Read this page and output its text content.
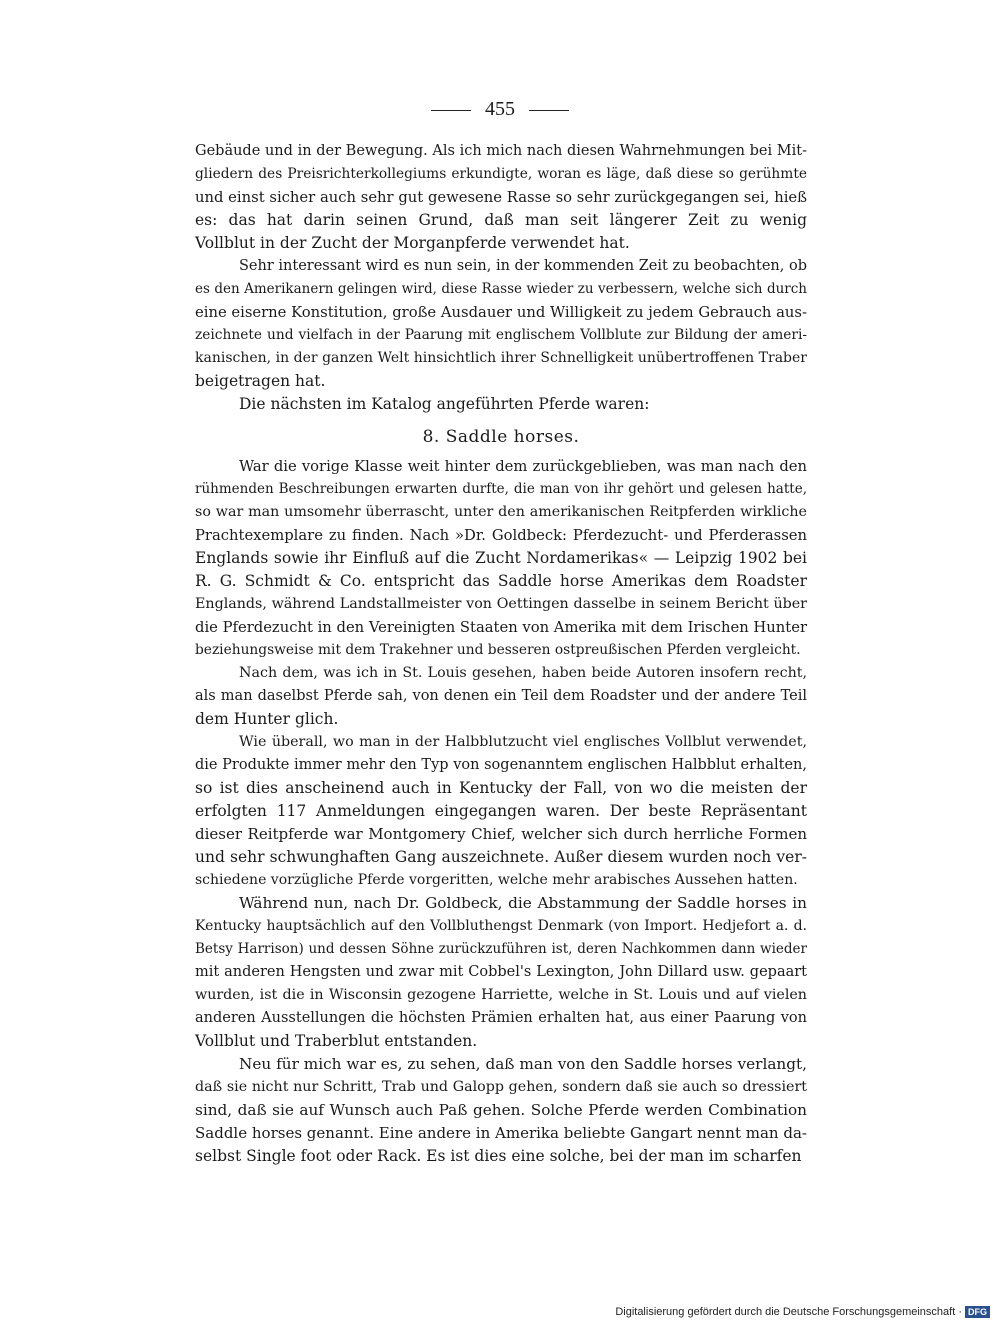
455
Gebäude und in der Bewegung. Als ich mich nach diesen Wahrnehmungen bei Mit-
gliedern des Preisrichterkollegiums erkundigte, woran es läge, daß diese so gerühmte
und einst sicher auch sehr gut gewesene Rasse so sehr zurückgegangen sei, hieß
es: das hat darin seinen Grund, daß man seit längerer Zeit zu wenig
Vollblut in der Zucht der Morganpferde verwendet hat.
Sehr interessant wird es nun sein, in der kommenden Zeit zu beobachten, ob
es den Amerikanern gelingen wird, diese Rasse wieder zu verbessern, welche sich durch
eine eiserne Konstitution, große Ausdauer und Willigkeit zu jedem Gebrauch aus-
zeichnete und vielfach in der Paarung mit englischem Vollblute zur Bildung der ameri-
kanischen, in der ganzen Welt hinsichtlich ihrer Schnelligkeit unübertroffenen Traber
beigetragen hat.
Die nächsten im Katalog angeführten Pferde waren:
8. Saddle horses.
War die vorige Klasse weit hinter dem zurückgeblieben, was man nach den
rühmenden Beschreibungen erwarten durfte, die man von ihr gehört und gelesen hatte,
so war man umsomehr überrascht, unter den amerikanischen Reitpferden wirkliche
Prachtexemplare zu finden. Nach »Dr. Goldbeck: Pferdezucht- und Pferderassen
Englands sowie ihr Einfluß auf die Zucht Nordamerikas« — Leipzig 1902 bei
R. G. Schmidt & Co. entspricht das Saddle horse Amerikas dem Roadster
Englands, während Landstallmeister von Oettingen dasselbe in seinem Bericht über
die Pferdezucht in den Vereinigten Staaten von Amerika mit dem Irischen Hunter
beziehungsweise mit dem Trakehner und besseren ostpreußischen Pferden vergleicht.
Nach dem, was ich in St. Louis gesehen, haben beide Autoren insofern recht,
als man daselbst Pferde sah, von denen ein Teil dem Roadster und der andere Teil
dem Hunter glich.
Wie überall, wo man in der Halbblutzucht viel englisches Vollblut verwendet,
die Produkte immer mehr den Typ von sogenanntem englischen Halbblut erhalten,
so ist dies anscheinend auch in Kentucky der Fall, von wo die meisten der
erfolgten 117 Anmeldungen eingegangen waren. Der beste Repräsentant
dieser Reitpferde war Montgomery Chief, welcher sich durch herrliche Formen
und sehr schwunghaften Gang auszeichnete. Außer diesem wurden noch ver-
schiedene vorzügliche Pferde vorgeritten, welche mehr arabisches Aussehen hatten.
Während nun, nach Dr. Goldbeck, die Abstammung der Saddle horses in
Kentucky hauptsächlich auf den Vollbluthengst Denmark (von Import. Hedjefort a. d.
Betsy Harrison) und dessen Söhne zurückzuführen ist, deren Nachkommen dann wieder
mit anderen Hengsten und zwar mit Cobbel's Lexington, John Dillard usw. gepaart
wurden, ist die in Wisconsin gezogene Harriette, welche in St. Louis und auf vielen
anderen Ausstellungen die höchsten Prämien erhalten hat, aus einer Paarung von
Vollblut und Traberblut entstanden.
Neu für mich war es, zu sehen, daß man von den Saddle horses verlangt,
daß sie nicht nur Schritt, Trab und Galopp gehen, sondern daß sie auch so dressiert
sind, daß sie auf Wunsch auch Paß gehen. Solche Pferde werden Combination
Saddle horses genannt. Eine andere in Amerika beliebte Gangart nennt man da-
selbst Single foot oder Rack. Es ist dies eine solche, bei der man im scharfen
Digitalisierung gefördert durch die Deutsche Forschungsgemeinschaft · DFG
